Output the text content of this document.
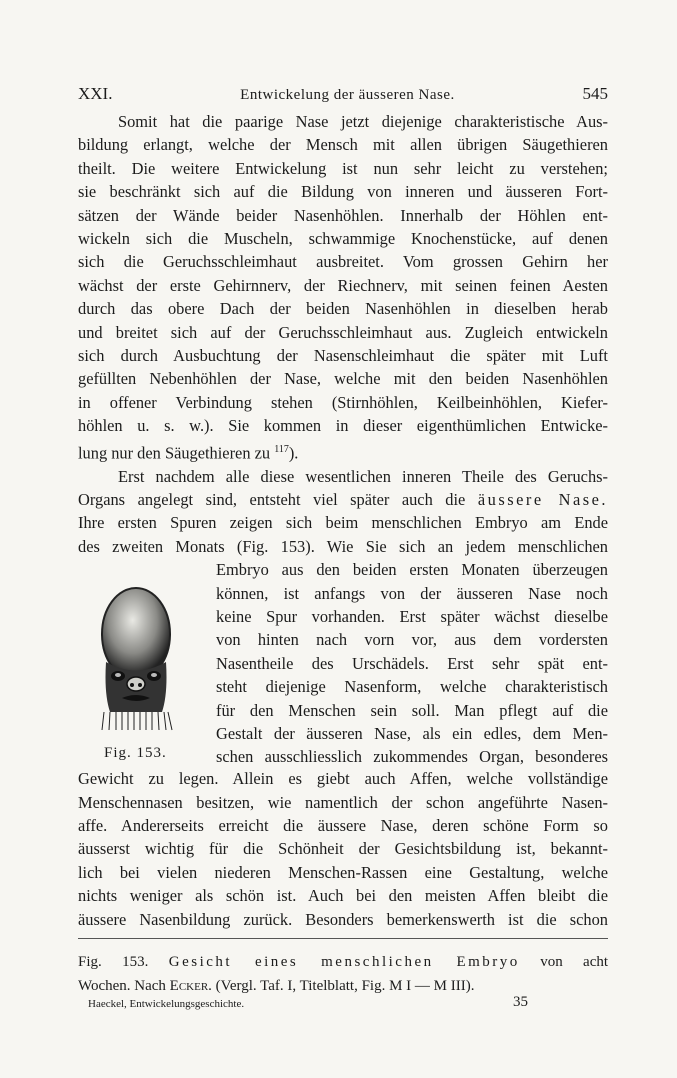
XXI.	Entwickelung der äusseren Nase.	545
Somit hat die paarige Nase jetzt diejenige charakteristische Aus-
bildung erlangt, welche der Mensch mit allen übrigen Säugethieren
theilt. Die weitere Entwickelung ist nun sehr leicht zu verstehen;
sie beschränkt sich auf die Bildung von inneren und äusseren Fort-
sätzen der Wände beider Nasenhöhlen. Innerhalb der Höhlen ent-
wickeln sich die Muscheln, schwammige Knochenstücke, auf denen
sich die Geruchsschleimhaut ausbreitet. Vom grossen Gehirn her
wächst der erste Gehirnnerv, der Riechnerv, mit seinen feinen Aesten
durch das obere Dach der beiden Nasenhöhlen in dieselben herab
und breitet sich auf der Geruchsschleimhaut aus. Zugleich entwickeln
sich durch Ausbuchtung der Nasenschleimhaut die später mit Luft
gefüllten Nebenhöhlen der Nase, welche mit den beiden Nasenhöhlen
in offener Verbindung stehen (Stirnhöhlen, Keilbeinhöhlen, Kiefer-
höhlen u. s. w.). Sie kommen in dieser eigenthümlichen Entwicke-
lung nur den Säugethieren zu $^{117}$).
Erst nachdem alle diese wesentlichen inneren Theile des Geruchs-
Organs angelegt sind, entsteht viel später auch die äussere Nase.
Ihre ersten Spuren zeigen sich beim menschlichen Embryo am Ende
des zweiten Monats (Fig. 153). Wie Sie sich an jedem menschlichen
Fig. 153.
Embryo aus den beiden ersten Monaten überzeugen
können, ist anfangs von der äusseren Nase noch
keine Spur vorhanden. Erst später wächst dieselbe
von hinten nach vorn vor, aus dem vordersten
Nasentheile des Urschädels. Erst sehr spät ent-
steht diejenige Nasenform, welche charakteristisch
für den Menschen sein soll. Man pflegt auf die
Gestalt der äusseren Nase, als ein edles, dem Men-
schen ausschliesslich zukommendes Organ, besonderes
Gewicht zu legen. Allein es giebt auch Affen, welche vollständige
Menschennasen besitzen, wie namentlich der schon angeführte Nasen-
affe. Andererseits erreicht die äussere Nase, deren schöne Form so
äusserst wichtig für die Schönheit der Gesichtsbildung ist, bekannt-
lich bei vielen niederen Menschen-Rassen eine Gestaltung, welche
nichts weniger als schön ist. Auch bei den meisten Affen bleibt die
äussere Nasenbildung zurück. Besonders bemerkenswerth ist die schon
Fig. 153. Gesicht eines menschlichen Embryo von acht
Wochen. Nach Ecker. (Vergl. Taf. I, Titelblatt, Fig. M I — M III).
Haeckel, Entwickelungsgeschichte.	35
